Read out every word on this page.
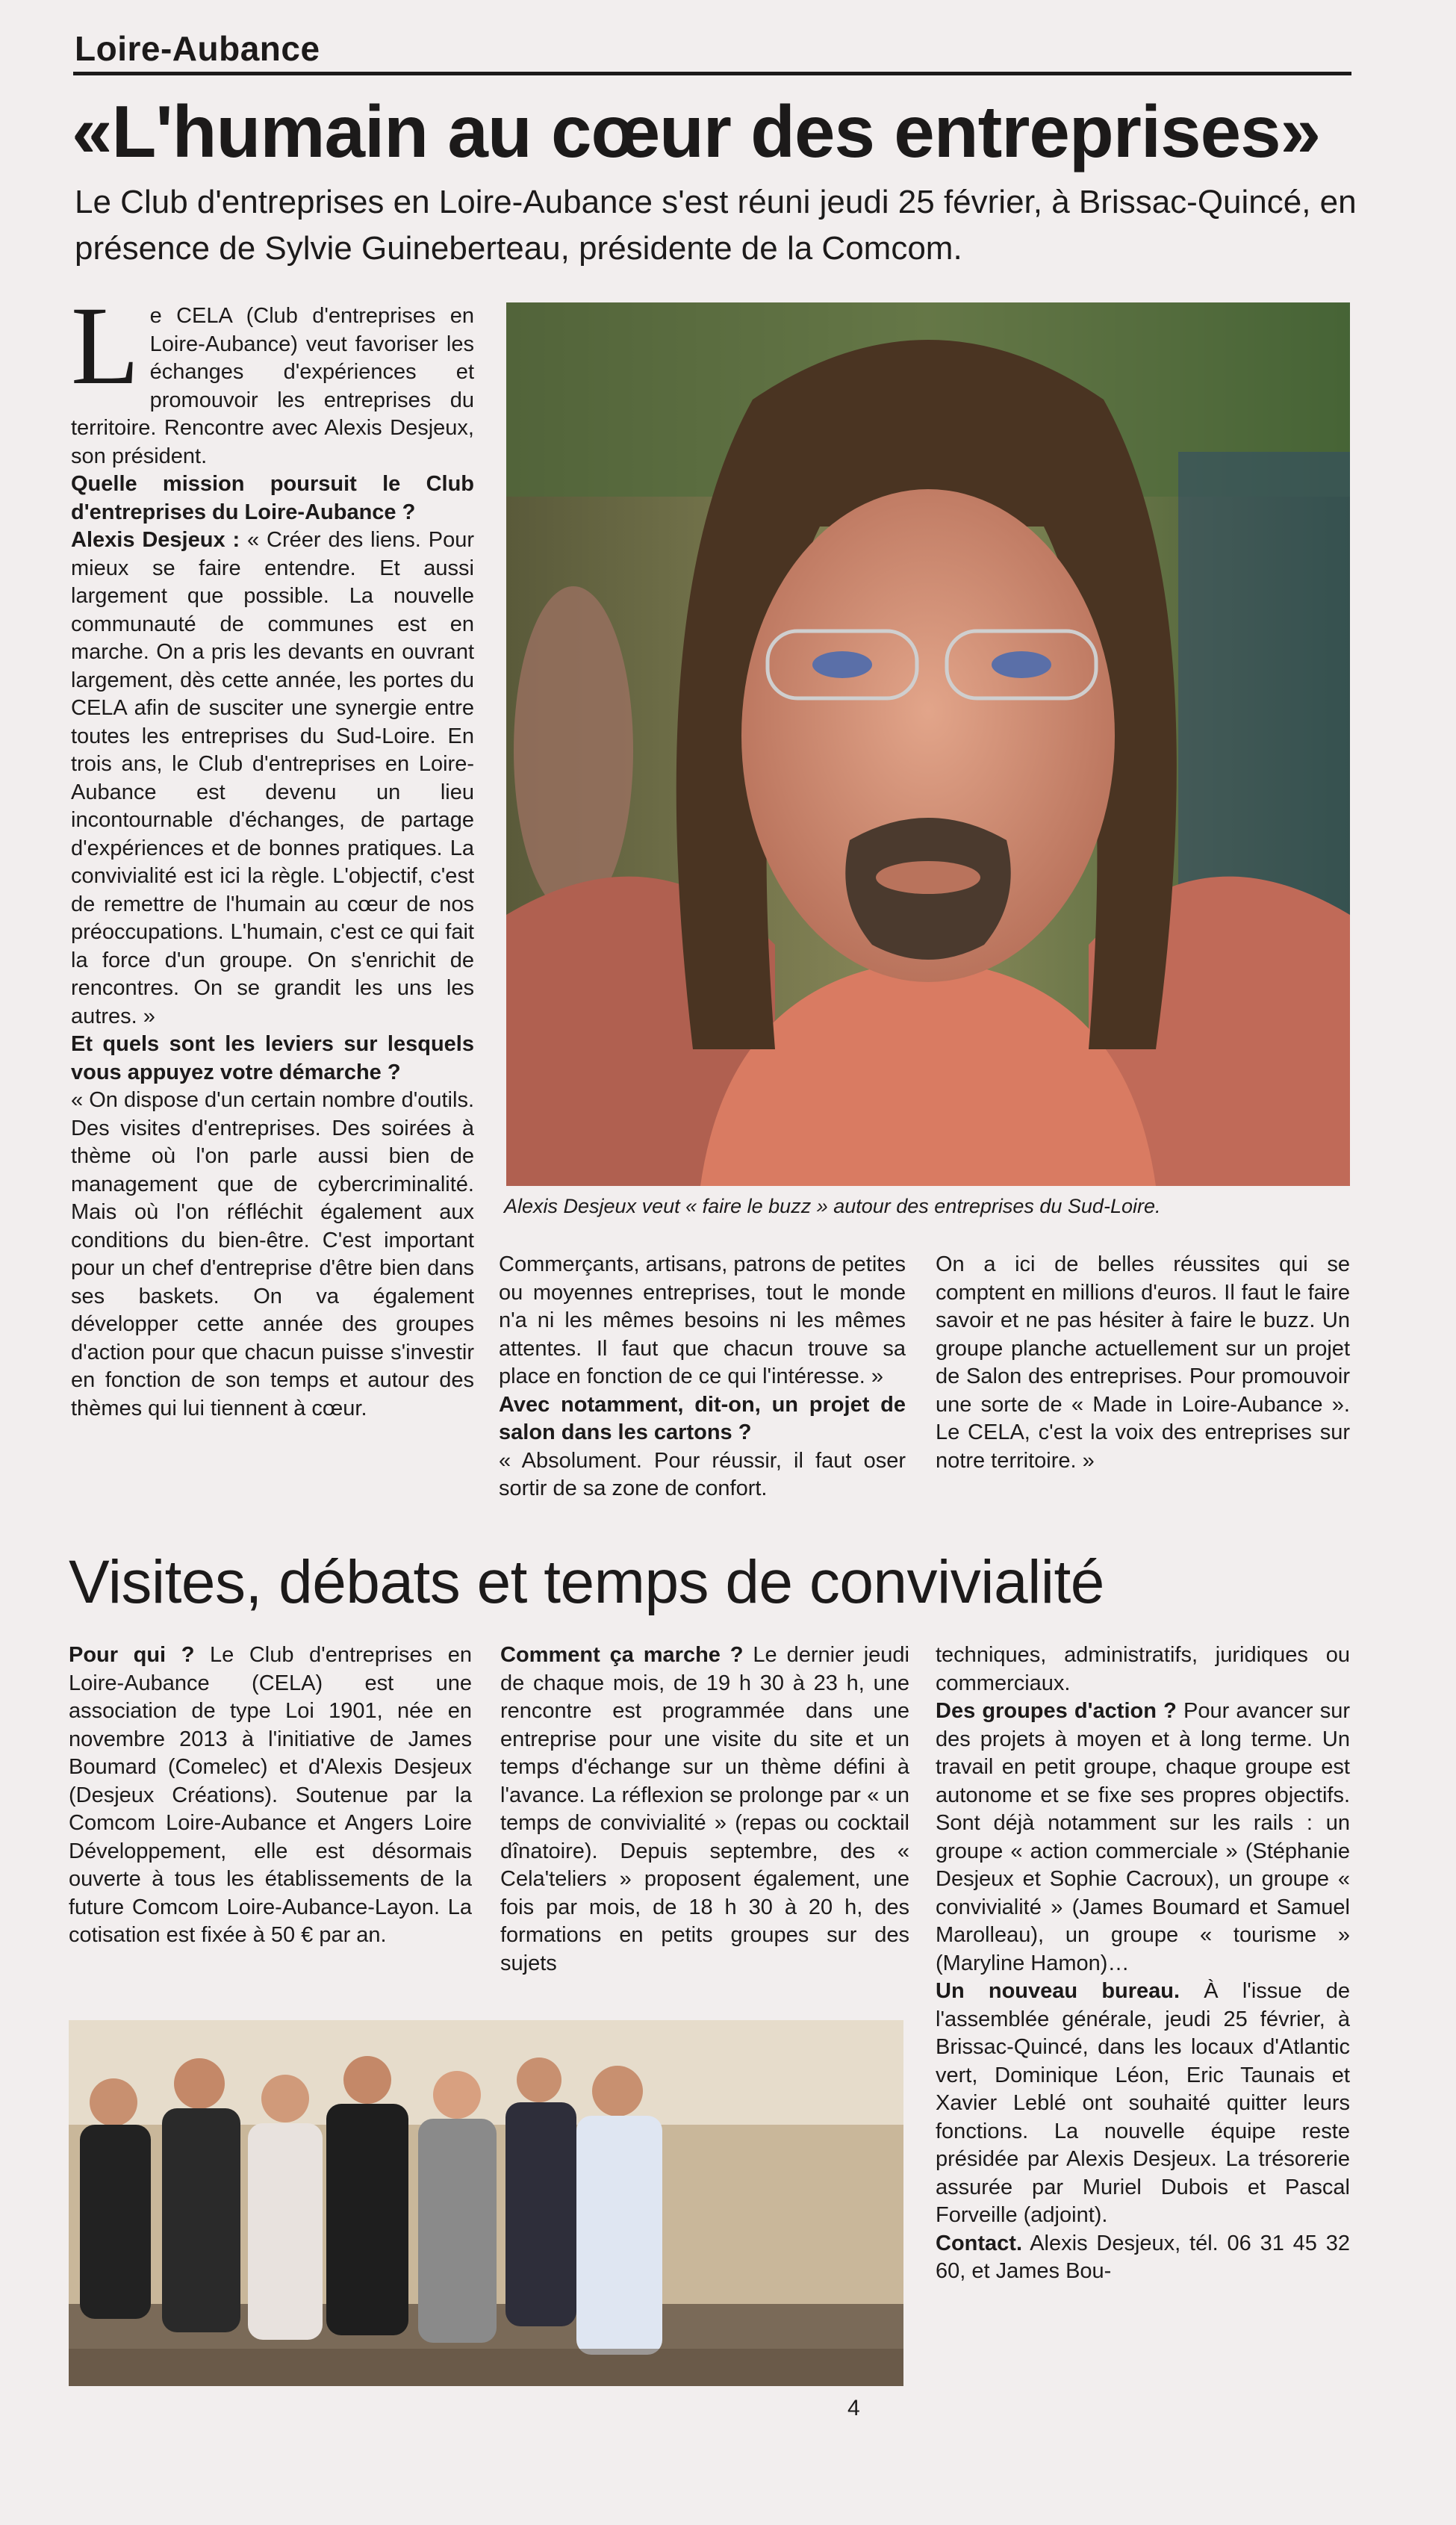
Loire-Aubance
«L'humain au cœur des entreprises»
Le Club d'entreprises en Loire-Aubance s'est réuni jeudi 25 février, à Brissac-Quincé, en présence de Sylvie Guineberteau, présidente de la Comcom.

L e CELA (Club d'entreprises en Loire-Aubance) veut favoriser les échanges d'expériences et promouvoir les entreprises du territoire. Rencontre avec Alexis Desjeux, son président.

Quelle mission poursuit le Club d'entreprises du Loire-Aubance ?

Alexis Desjeux : « Créer des liens. Pour mieux se faire entendre. Et aussi largement que possible. La nouvelle communauté de communes est en marche. On a pris les devants en ouvrant largement, dès cette année, les portes du CELA afin de susciter une synergie entre toutes les entreprises du Sud-Loire. En trois ans, le Club d'entreprises en Loire-Aubance est devenu un lieu incontournable d'échanges, de partage d'expériences et de bonnes pratiques. La convivialité est ici la règle. L'objectif, c'est de remettre de l'humain au cœur de nos préoccupations. L'humain, c'est ce qui fait la force d'un groupe. On s'enrichit de rencontres. On se grandit les uns les autres. »

Et quels sont les leviers sur lesquels vous appuyez votre démarche ?

« On dispose d'un certain nombre d'outils. Des visites d'entreprises. Des soirées à thème où l'on parle aussi bien de management que de cybercriminalité. Mais où l'on réfléchit également aux conditions du bien-être. C'est important pour un chef d'entreprise d'être bien dans ses baskets. On va également développer cette année des groupes d'action pour que chacun puisse s'investir en fonction de son temps et autour des thèmes qui lui tiennent à cœur.

Alexis Desjeux veut « faire le buzz » autour des entreprises du Sud-Loire.

Commerçants, artisans, patrons de petites ou moyennes entreprises, tout le monde n'a ni les mêmes besoins ni les mêmes attentes. Il faut que chacun trouve sa place en fonction de ce qui l'intéresse. »

Avec notamment, dit-on, un projet de salon dans les cartons ?

« Absolument. Pour réussir, il faut oser sortir de sa zone de confort.

On a ici de belles réussites qui se comptent en millions d'euros. Il faut le faire savoir et ne pas hésiter à faire le buzz. Un groupe planche actuellement sur un projet de Salon des entreprises. Pour promouvoir une sorte de « Made in Loire-Aubance ». Le CELA, c'est la voix des entreprises sur notre territoire. »

Visites, débats et temps de convivialité

Pour qui ? Le Club d'entreprises en Loire-Aubance (CELA) est une association de type Loi 1901, née en novembre 2013 à l'initiative de James Boumard (Comelec) et d'Alexis Desjeux (Desjeux Créations). Soutenue par la Comcom Loire-Aubance et Angers Loire Développement, elle est désormais ouverte à tous les établissements de la future Comcom Loire-Aubance-Layon. La cotisation est fixée à 50 € par an.

Comment ça marche ? Le dernier jeudi de chaque mois, de 19 h 30 à 23 h, une rencontre est programmée dans une entreprise pour une visite du site et un temps d'échange sur un thème défini à l'avance. La réflexion se prolonge par « un temps de convivialité » (repas ou cocktail dînatoire). Depuis septembre, des « Cela'teliers » proposent également, une fois par mois, de 18 h 30 à 20 h, des formations en petits groupes sur des sujets

techniques, administratifs, juridiques ou commerciaux.

Des groupes d'action ? Pour avancer sur des projets à moyen et à long terme. Un travail en petit groupe, chaque groupe est autonome et se fixe ses propres objectifs. Sont déjà notamment sur les rails : un groupe « action commerciale » (Stéphanie Desjeux et Sophie Cacroux), un groupe « convivialité » (James Boumard et Samuel Marolleau), un groupe « tourisme » (Maryline Hamon)…

Un nouveau bureau. À l'issue de l'assemblée générale, jeudi 25 février, à Brissac-Quincé, dans les locaux d'Atlantic vert, Dominique Léon, Eric Taunais et Xavier Leblé ont souhaité quitter leurs fonctions. La nouvelle équipe reste présidée par Alexis Desjeux. La trésorerie assurée par Muriel Dubois et Pascal Forveille (adjoint).

Contact. Alexis Desjeux, tél. 06 31 45 32 60, et James Bou-

4
